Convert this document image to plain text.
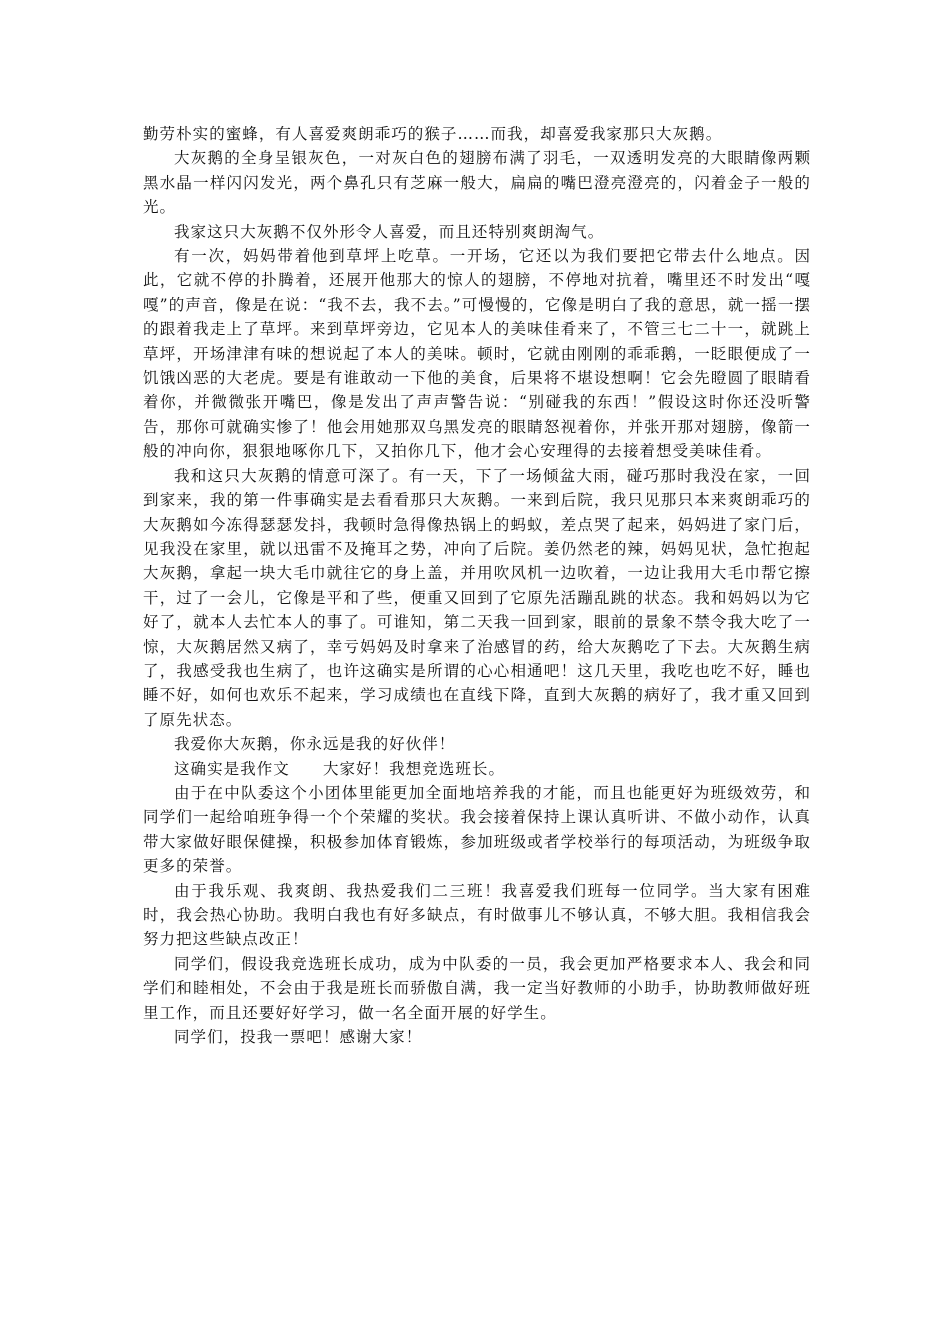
勤劳朴实的蜜蜂，有人喜爱爽朗乖巧的猴子……而我，却喜爱我家那只大灰鹅。

大灰鹅的全身呈银灰色，一对灰白色的翅膀布满了羽毛，一双透明发亮的大眼睛像两颗黑水晶一样闪闪发光，两个鼻孔只有芝麻一般大，扁扁的嘴巴澄亮澄亮的，闪着金子一般的光。

我家这只大灰鹅不仅外形令人喜爱，而且还特别爽朗淘气。

有一次，妈妈带着他到草坪上吃草。一开场，它还以为我们要把它带去什么地点。因此，它就不停的扑腾着，还展开他那大的惊人的翅膀，不停地对抗着，嘴里还不时发出“嘎嘎”的声音，像是在说：“我不去，我不去。”可慢慢的，它像是明白了我的意思，就一摇一摆的跟着我走上了草坪。来到草坪旁边，它见本人的美味佳肴来了，不管三七二十一，就跳上草坪，开场津津有味的想说起了本人的美味。顿时，它就由刚刚的乖乖鹅，一眨眼便成了一饥饿凶恶的大老虎。要是有谁敢动一下他的美食，后果将不堪设想啊！它会先瞪圆了眼睛看着你，并微微张开嘴巴，像是发出了声声警告说：“别碰我的东西！”假设这时你还没听警告，那你可就确实惨了！他会用她那双乌黑发亮的眼睛怒视着你，并张开那对翅膀，像箭一般的冲向你，狠狠地啄你几下，又拍你几下，他才会心安理得的去接着想受美味佳肴。

我和这只大灰鹅的情意可深了。有一天，下了一场倾盆大雨，碰巧那时我没在家，一回到家来，我的第一件事确实是去看看那只大灰鹅。一来到后院，我只见那只本来爽朗乖巧的大灰鹅如今冻得瑟瑟发抖，我顿时急得像热锅上的蚂蚁，差点哭了起来，妈妈进了家门后，见我没在家里，就以迅雷不及掩耳之势，冲向了后院。姜仍然老的辣，妈妈见状，急忙抱起大灰鹅，拿起一块大毛巾就往它的身上盖，并用吹风机一边吹着，一边让我用大毛巾帮它擦干，过了一会儿，它像是平和了些，便重又回到了它原先活蹦乱跳的状态。我和妈妈以为它好了，就本人去忙本人的事了。可谁知，第二天我一回到家，眼前的景象不禁令我大吃了一惊，大灰鹅居然又病了，幸亏妈妈及时拿来了治感冒的药，给大灰鹅吃了下去。大灰鹅生病了，我感受我也生病了，也许这确实是所谓的心心相通吧！这几天里，我吃也吃不好，睡也睡不好，如何也欢乐不起来，学习成绩也在直线下降，直到大灰鹅的病好了，我才重又回到了原先状态。

我爱你大灰鹅，你永远是我的好伙伴！

这确实是我作文　　大家好！我想竞选班长。

由于在中队委这个小团体里能更加全面地培养我的才能，而且也能更好为班级效劳，和同学们一起给咱班争得一个个荣耀的奖状。我会接着保持上课认真听讲、不做小动作，认真带大家做好眼保健操，积极参加体育锻炼，参加班级或者学校举行的每项活动，为班级争取更多的荣誉。

由于我乐观、我爽朗、我热爱我们二三班！我喜爱我们班每一位同学。当大家有困难时，我会热心协助。我明白我也有好多缺点，有时做事儿不够认真，不够大胆。我相信我会努力把这些缺点改正！

同学们，假设我竞选班长成功，成为中队委的一员，我会更加严格要求本人、我会和同学们和睦相处，不会由于我是班长而骄傲自满，我一定当好教师的小助手，协助教师做好班里工作，而且还要好好学习，做一名全面开展的好学生。

同学们，投我一票吧！感谢大家！
